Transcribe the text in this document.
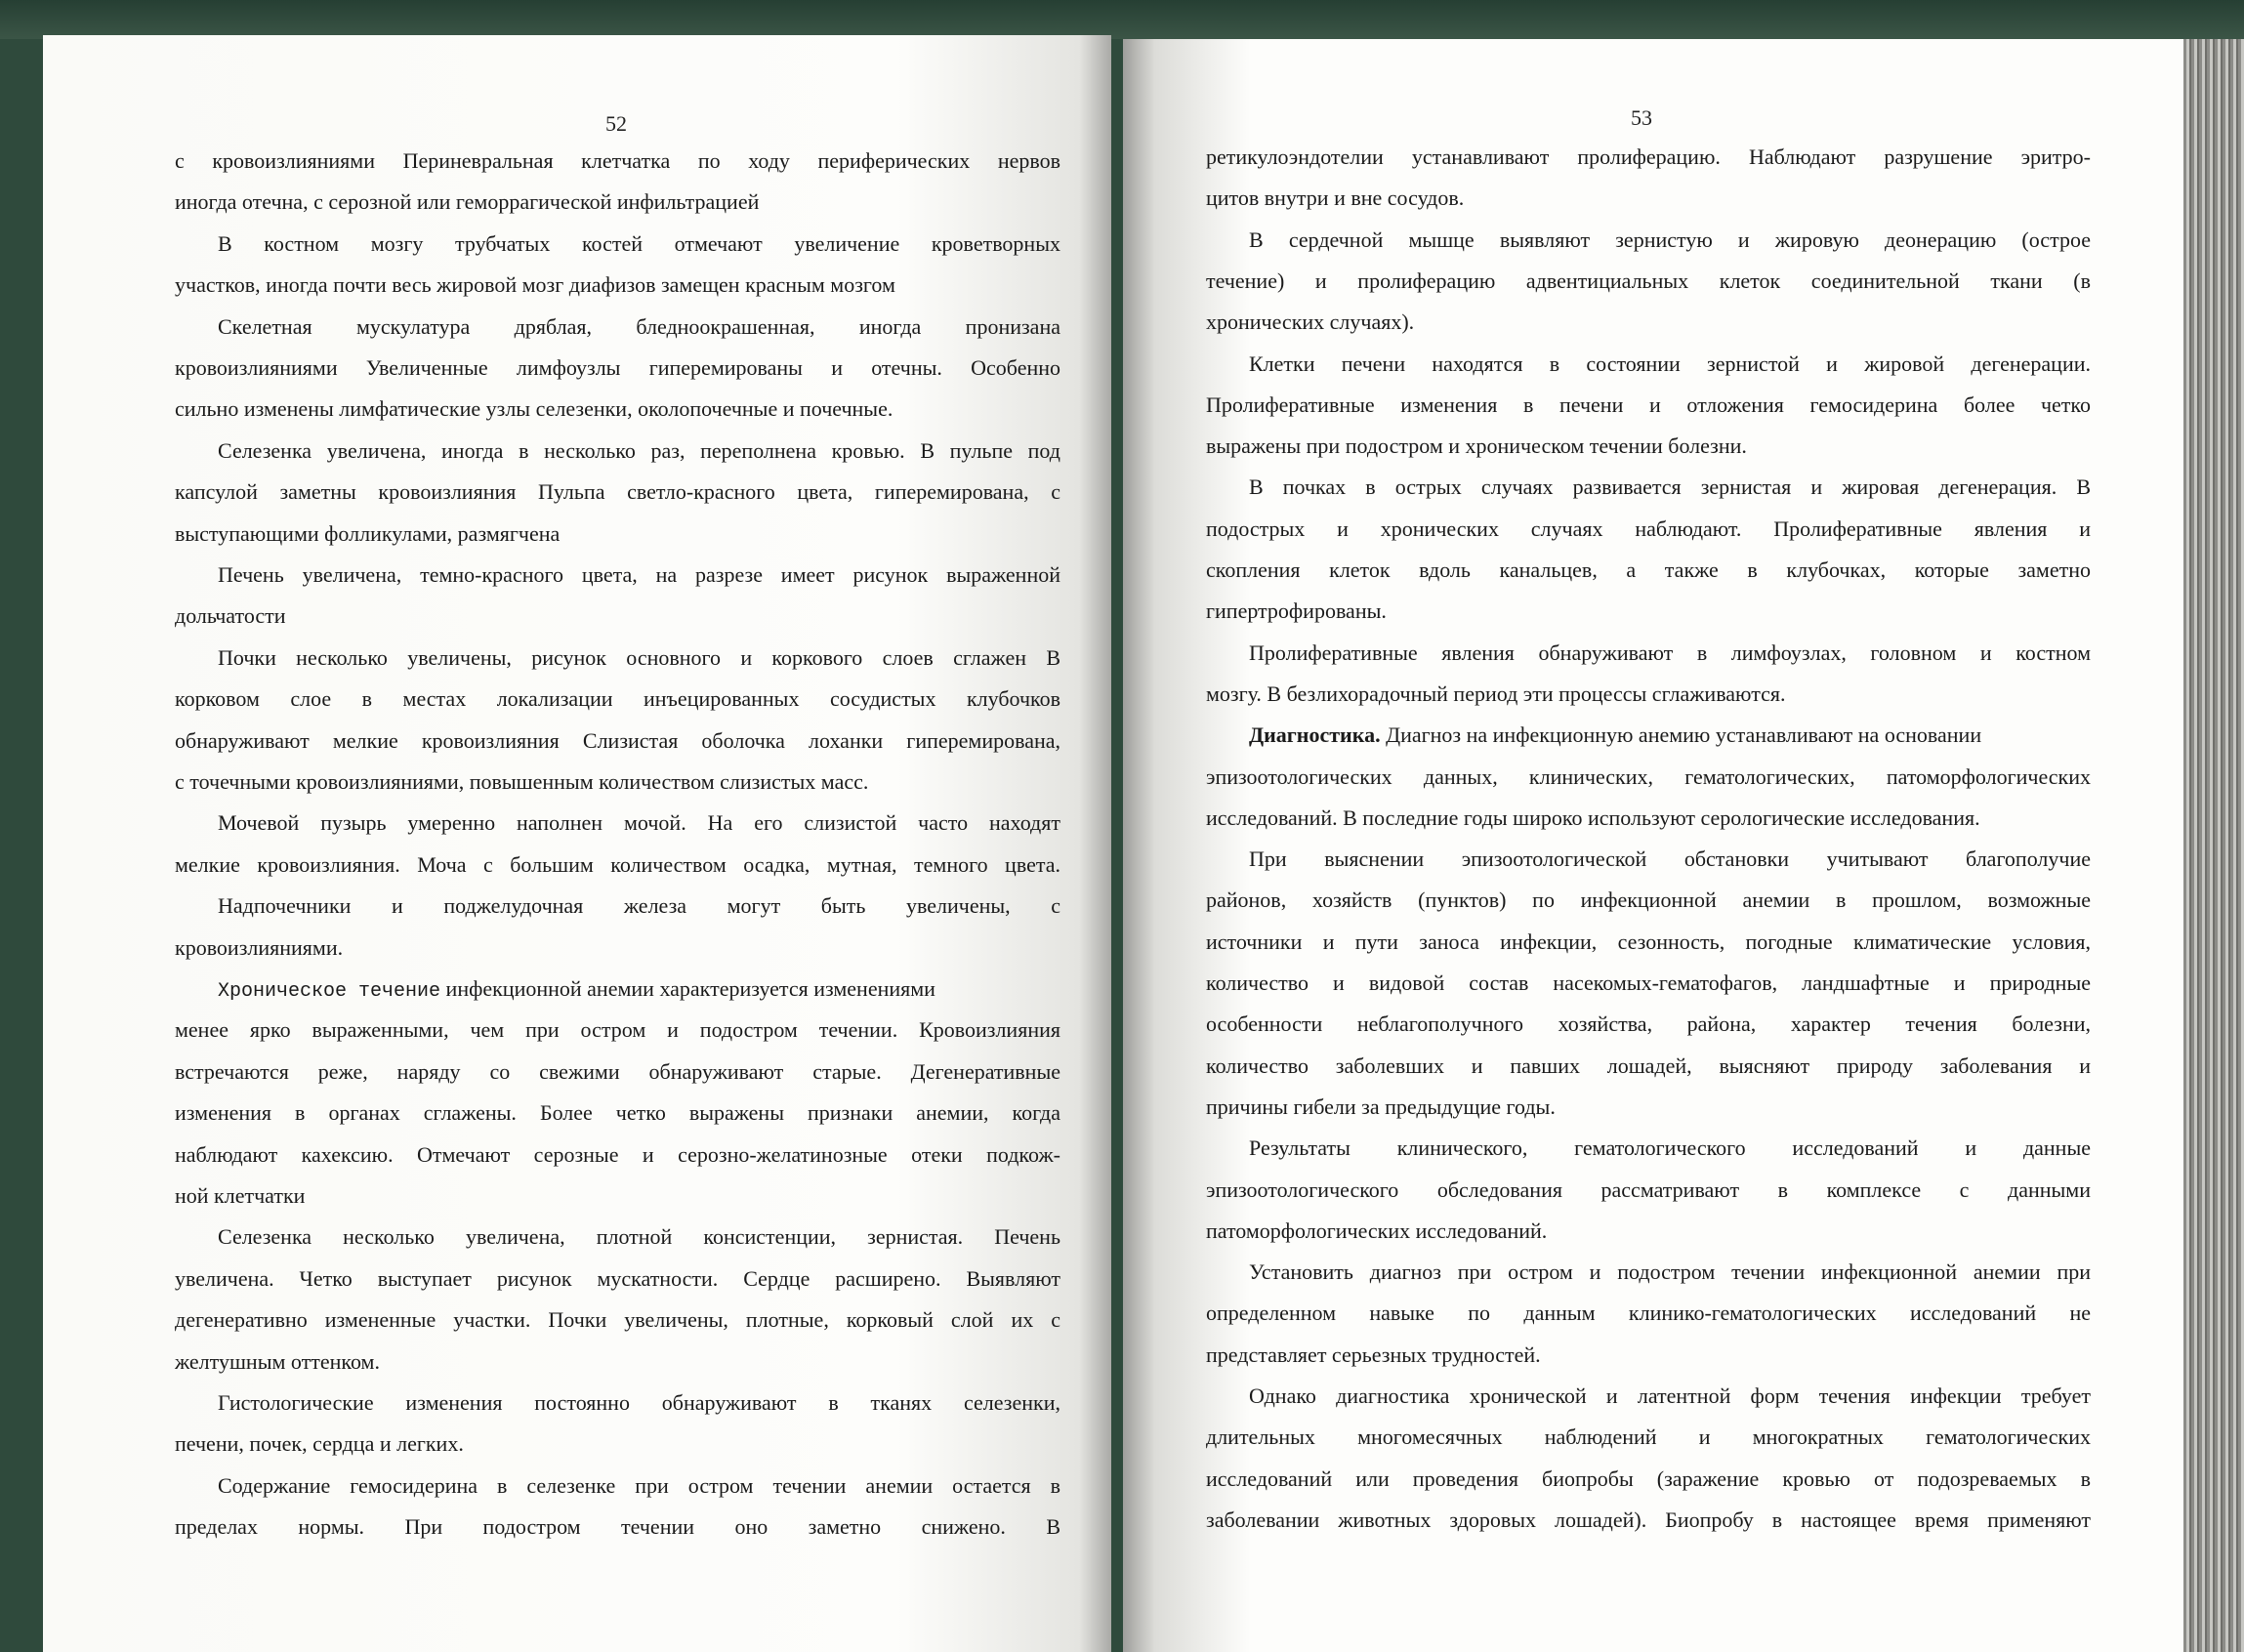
52	53
с кровоизлияниями Периневральная клетчатка по ходу периферических нервов
иногда отечна, с серозной или геморрагической инфильтрацией
В костном мозгу трубчатых костей отмечают увеличение кроветворных
участков, иногда почти весь жировой мозг диафизов замещен красным мозгом
Скелетная мускулатура дряблая, бледноокрашенная, иногда пронизана
кровоизлияниями Увеличенные лимфоузлы гиперемированы и отечны. Особенно
сильно изменены лимфатические узлы селезенки, околопочечные и почечные.
Селезенка увеличена, иногда в несколько раз, переполнена кровью. В пульпе под
капсулой заметны кровоизлияния Пульпа светло-красного цвета, гиперемирована, с
выступающими фолликулами, размягчена
Печень увеличена, темно-красного цвета, на разрезе имеет рисунок выраженной
дольчатости
Почки несколько увеличены, рисунок основного и коркового слоев сглажен В
корковом слое в местах локализации инъецированных сосудистых клубочков
обнаруживают мелкие кровоизлияния Слизистая оболочка лоханки гиперемирована,
с точечными кровоизлияниями, повышенным количеством слизистых масс.
Мочевой пузырь умеренно наполнен мочой. На его слизистой часто находят
мелкие кровоизлияния. Моча с большим количеством осадка, мутная, темного цвета.
Надпочечники и поджелудочная железа могут быть увеличены, с
кровоизлияниями.
Хроническое течение инфекционной анемии характеризуется изменениями
менее ярко выраженными, чем при остром и подостром течении. Кровоизлияния
встречаются реже, наряду со свежими обнаруживают старые. Дегенеративные
изменения в органах сглажены. Более четко выражены признаки анемии, когда
наблюдают кахексию. Отмечают серозные и серозно-желатинозные отеки подкож-
ной клетчатки
Селезенка несколько увеличена, плотной консистенции, зернистая. Печень
увеличена. Четко выступает рисунок мускатности. Сердце расширено. Выявляют
дегенеративно измененные участки. Почки увеличены, плотные, корковый слой их с
желтушным оттенком.
Гистологические изменения постоянно обнаруживают в тканях селезенки,
печени, почек, сердца и легких.
Содержание гемосидерина в селезенке при остром течении анемии остается в
пределах нормы. При подостром течении оно заметно снижено. В
ретикулоэндотелии устанавливают пролиферацию. Наблюдают разрушение эритро-
цитов внутри и вне сосудов.
В сердечной мышце выявляют зернистую и жировую деонерацию (острое
течение) и пролиферацию адвентициальных клеток соединительной ткани (в
хронических случаях).
Клетки печени находятся в состоянии зернистой и жировой дегенерации.
Пролиферативные изменения в печени и отложения гемосидерина более четко
выражены при подостром и хроническом течении болезни.
В почках в острых случаях развивается зернистая и жировая дегенерация. В
подострых и хронических случаях наблюдают. Пролиферативные явления и
скопления клеток вдоль канальцев, а также в клубочках, которые заметно
гипертрофированы.
Пролиферативные явления обнаруживают в лимфоузлах, головном и костном
мозгу. В безлихорадочный период эти процессы сглаживаются.
Диагностика. Диагноз на инфекционную анемию устанавливают на основании
эпизоотологических данных, клинических, гематологических, патоморфологических
исследований. В последние годы широко используют серологические исследования.
При выяснении эпизоотологической обстановки учитывают благополучие
районов, хозяйств (пунктов) по инфекционной анемии в прошлом, возможные
источники и пути заноса инфекции, сезонность, погодные климатические условия,
количество и видовой состав насекомых-гематофагов, ландшафтные и природные
особенности неблагополучного хозяйства, района, характер течения болезни,
количество заболевших и павших лошадей, выясняют природу заболевания и
причины гибели за предыдущие годы.
Результаты клинического, гематологического исследований и данные
эпизоотологического обследования рассматривают в комплексе с данными
патоморфологических исследований.
Установить диагноз при остром и подостром течении инфекционной анемии при
определенном навыке по данным клинико-гематологических исследований не
представляет серьезных трудностей.
Однако диагностика хронической и латентной форм течения инфекции требует
длительных многомесячных наблюдений и многократных гематологических
исследований или проведения биопробы (заражение кровью от подозреваемых в
заболевании животных здоровых лошадей). Биопробу в настоящее время применяют
